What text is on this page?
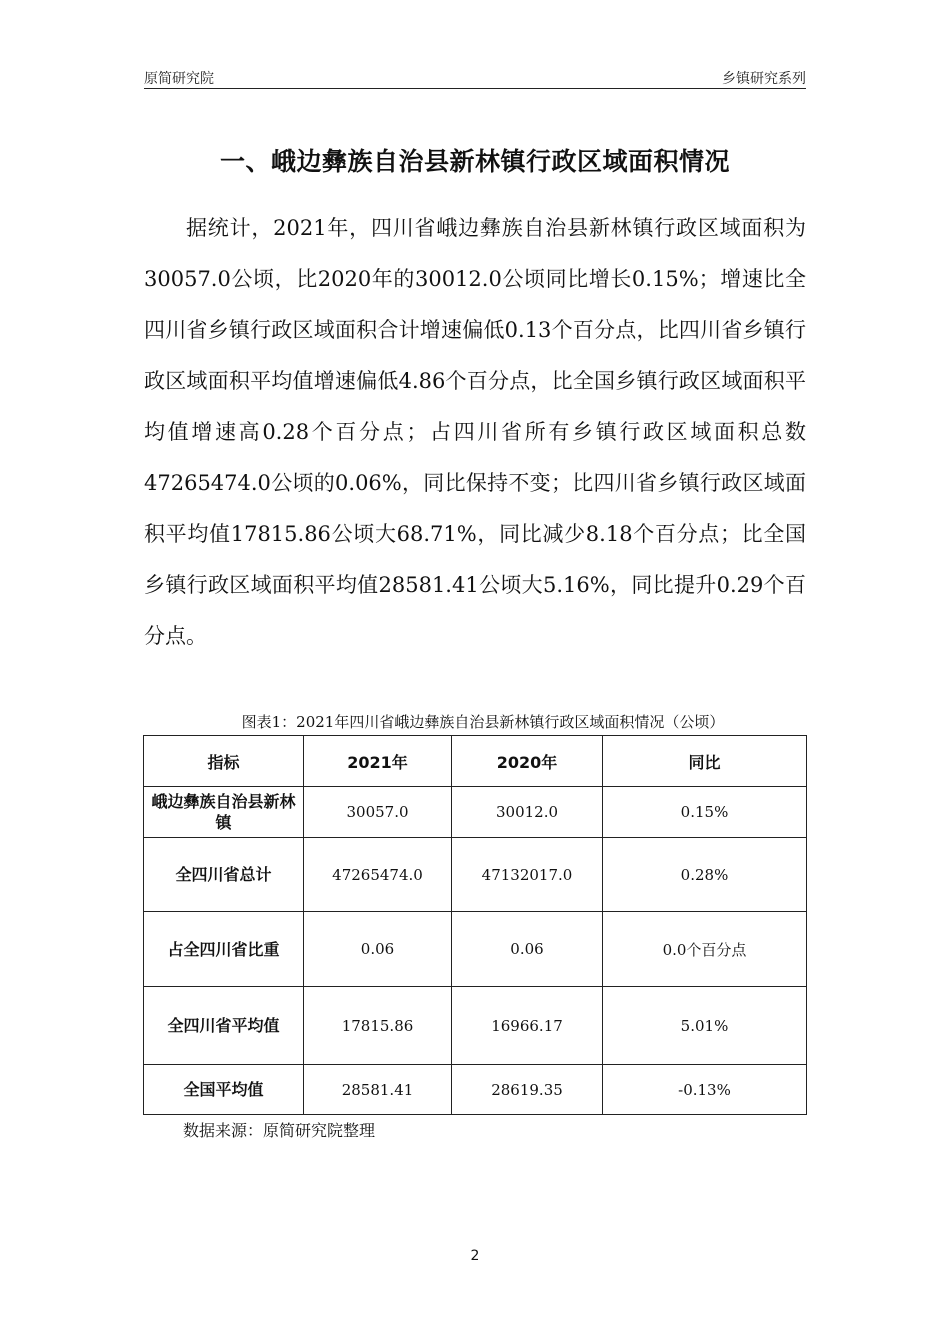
原简研究院	乡镇研究系列
一、峨边彝族自治县新林镇行政区域面积情况

据统计，2021年，四川省峨边彝族自治县新林镇行政区域面积为30057.0公顷，比2020年的30012.0公顷同比增长0.15%；增速比全四川省乡镇行政区域面积合计增速偏低0.13个百分点，比四川省乡镇行政区域面积平均值增速偏低4.86个百分点，比全国乡镇行政区域面积平均值增速高0.28个百分点；占四川省所有乡镇行政区域面积总数47265474.0公顷的0.06%，同比保持不变；比四川省乡镇行政区域面积平均值17815.86公顷大68.71%，同比减少8.18个百分点；比全国乡镇行政区域面积平均值28581.41公顷大5.16%，同比提升0.29个百分点。

图表1：2021年四川省峨边彝族自治县新林镇行政区域面积情况（公顷）
指标	2021年	2020年	同比
峨边彝族自治县新林镇	30057.0	30012.0	0.15%
全四川省总计	47265474.0	47132017.0	0.28%
占全四川省比重	0.06	0.06	0.0个百分点
全四川省平均值	17815.86	16966.17	5.01%
全国平均值	28581.41	28619.35	-0.13%
数据来源：原简研究院整理
2
